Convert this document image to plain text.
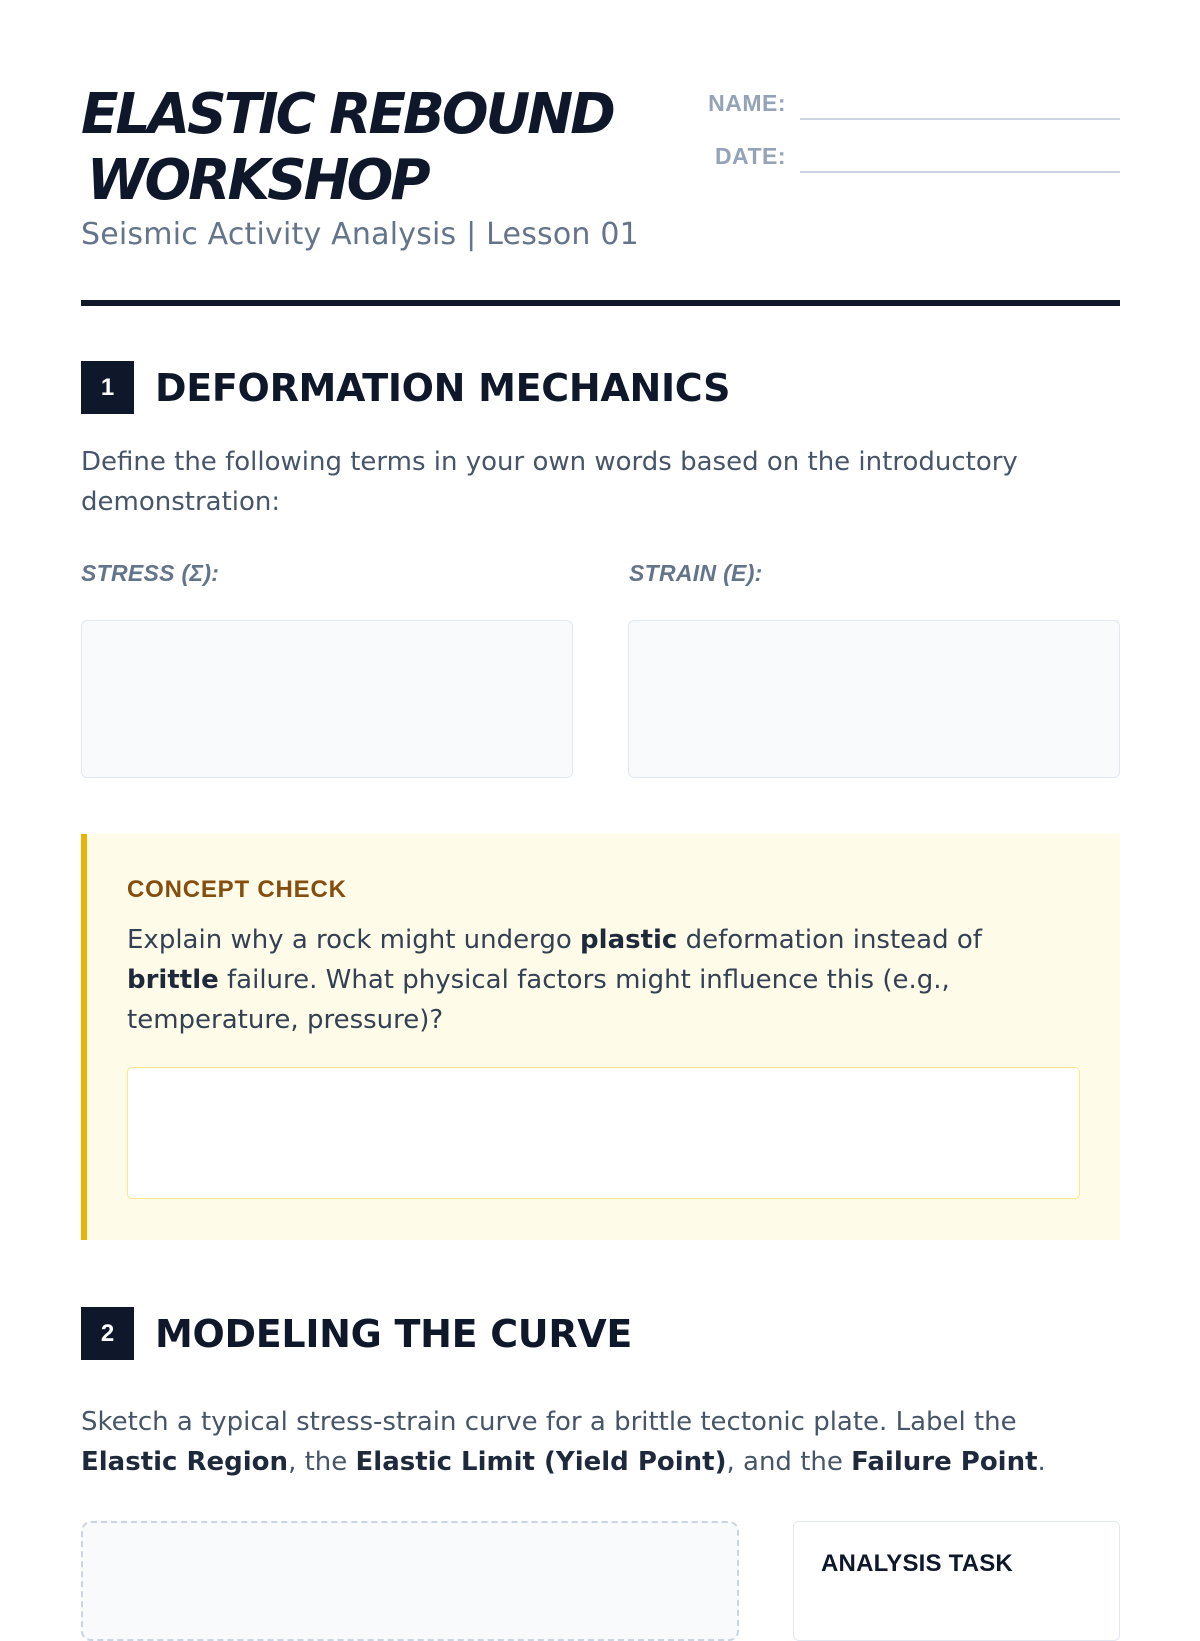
ELASTIC REBOUND
WORKSHOP
Seismic Activity Analysis | Lesson 01
NAME:
DATE:
1	DEFORMATION MECHANICS
Define the following terms in your own words based on the introductory demonstration:
STRESS (Σ):	STRAIN (E):
CONCEPT CHECK
Explain why a rock might undergo plastic deformation instead of brittle failure. What physical factors might influence this (e.g., temperature, pressure)?
2	MODELING THE CURVE
Sketch a typical stress-strain curve for a brittle tectonic plate. Label the Elastic Region, the Elastic Limit (Yield Point), and the Failure Point.
ANALYSIS TASK
